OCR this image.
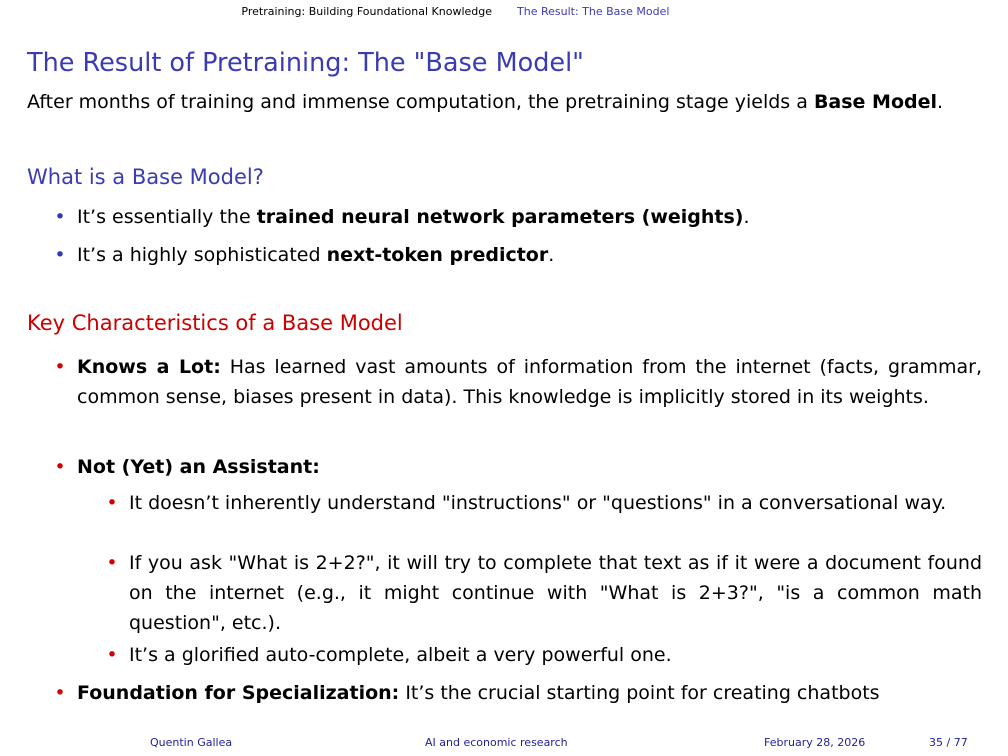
Pretraining: Building Foundational Knowledge The Result: The Base Model
The Result of Pretraining: The "Base Model"
After months of training and immense computation, the pretraining stage yields a Base Model.
What is a Base Model?
• It’s essentially the trained neural network parameters (weights).
• It’s a highly sophisticated next-token predictor.
Key Characteristics of a Base Model
• Knows a Lot: Has learned vast amounts of information from the internet (facts, grammar, common sense, biases present in data). This knowledge is implicitly stored in its weights.
• Not (Yet) an Assistant:
• It doesn’t inherently understand "instructions" or "questions" in a conversational way.
• If you ask "What is 2+2?", it will try to complete that text as if it were a document found on the internet (e.g., it might continue with "What is 2+3?", "is a common math question", etc.).
• It’s a glorified auto-complete, albeit a very powerful one.
• Foundation for Specialization: It’s the crucial starting point for creating chatbots
Quentin Gallea	AI and economic research	February 28, 2026	35 / 77
